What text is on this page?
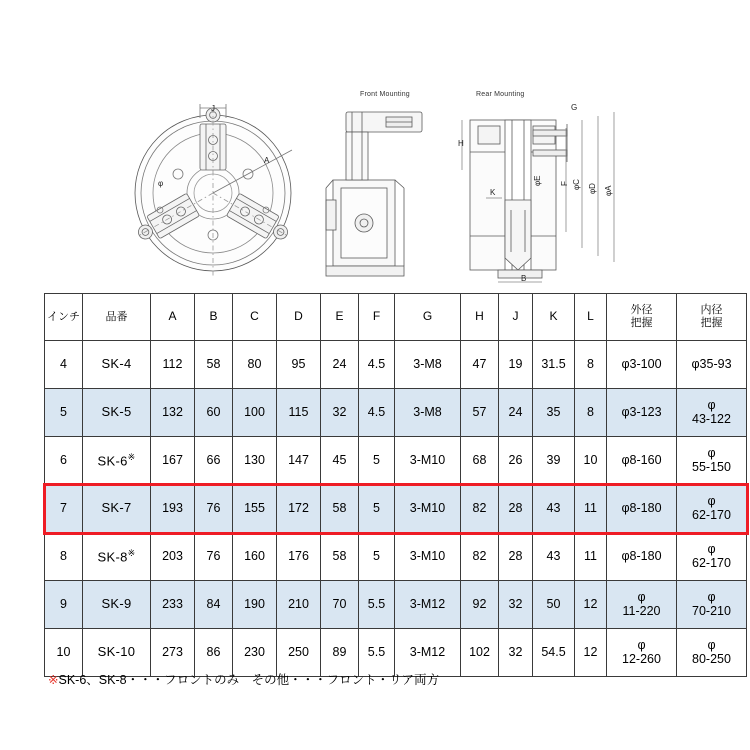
Front Mounting	Rear Mounting
J
A
φ
G
H
K
φE	φC φD φA
B
F
インチ	品番	A	B	C	D	E	F	G	H	J	K	L	外径
把握	内径
把握

4	SK-4	112	58	80	95	24	4.5	3-M8	47	19	31.5	8	φ3-100	φ35-93

5	SK-5	132	60	100	115	32	4.5	3-M8	57	24	35	8	φ3-123	φ
43-122

6	SK-6※	167	66	130	147	45	5	3-M10	68	26	39	10	φ8-160	φ
55-150

7	SK-7	193	76	155	172	58	5	3-M10	82	28	43	11	φ8-180	φ
62-170

8	SK-8※	203	76	160	176	58	5	3-M10	82	28	43	11	φ8-180	φ
62-170

9	SK-9	233	84	190	210	70	5.5	3-M12	92	32	50	12	φ
11-220	φ
70-210

10	SK-10	273	86	230	250	89	5.5	3-M12	102	32	54.5	12	φ
12-260	φ
80-250
※SK-6、SK-8・・・フロントのみ　その他・・・フロント・リア両方
